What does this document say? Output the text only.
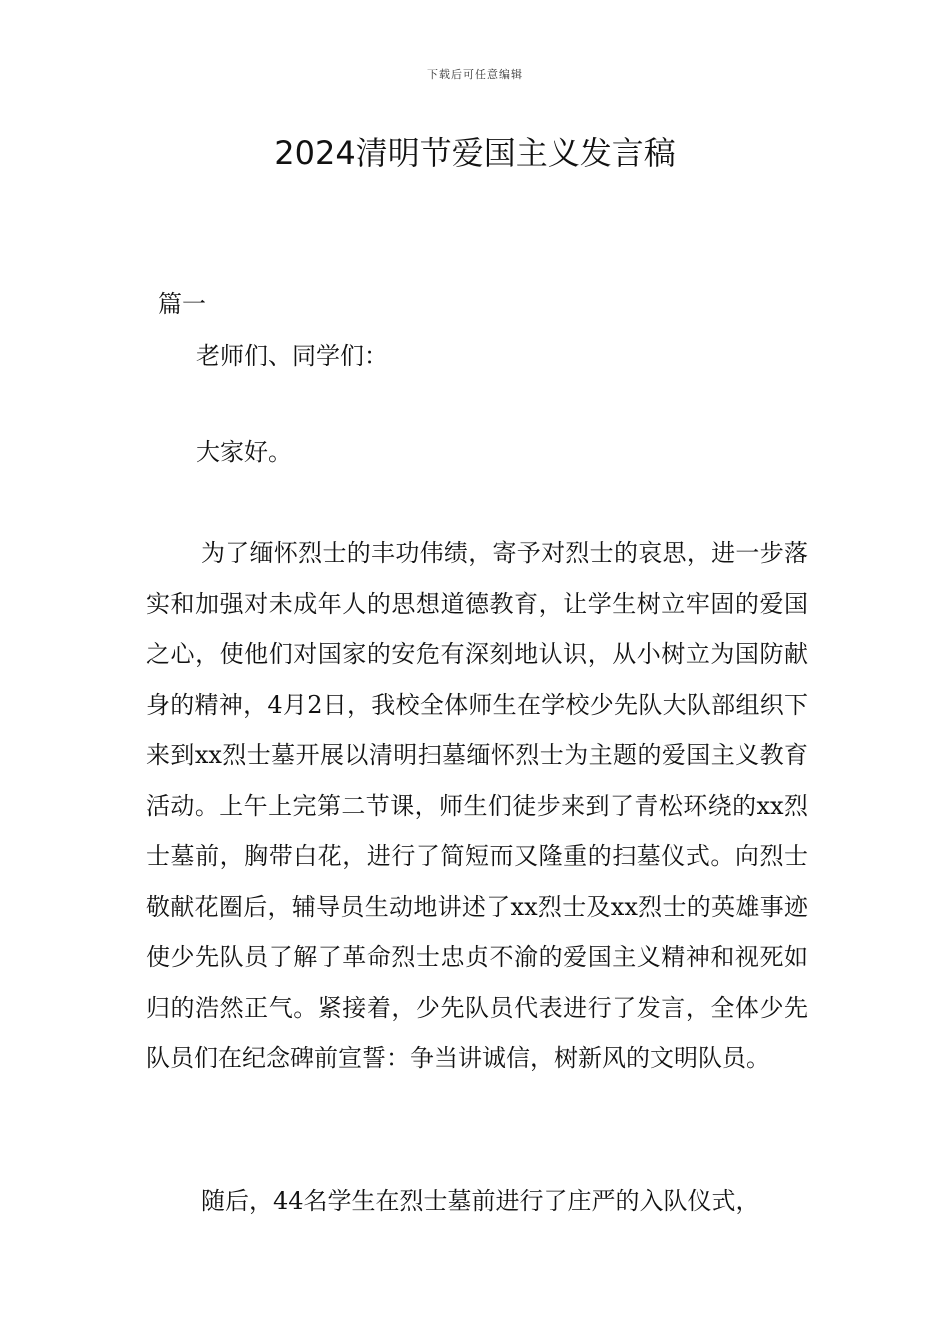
下载后可任意编辑
2024清明节爱国主义发言稿
篇一
老师们、同学们：
大家好。

为了缅怀烈士的丰功伟绩，寄予对烈士的哀思，进一步落实和加强对未成年人的思想道德教育，让学生树立牢固的爱国之心，使他们对国家的安危有深刻地认识，从小树立为国防献身的精神，4月2日，我校全体师生在学校少先队大队部组织下来到xx烈士墓开展以清明扫墓缅怀烈士为主题的爱国主义教育活动。上午上完第二节课，师生们徒步来到了青松环绕的xx烈士墓前，胸带白花，进行了简短而又隆重的扫墓仪式。向烈士敬献花圈后，辅导员生动地讲述了xx烈士及xx烈士的英雄事迹使少先队员了解了革命烈士忠贞不渝的爱国主义精神和视死如归的浩然正气。紧接着，少先队员代表进行了发言，全体少先队员们在纪念碑前宣誓：争当讲诚信，树新风的文明队员。

随后，44名学生在烈士墓前进行了庄严的入队仪式，
